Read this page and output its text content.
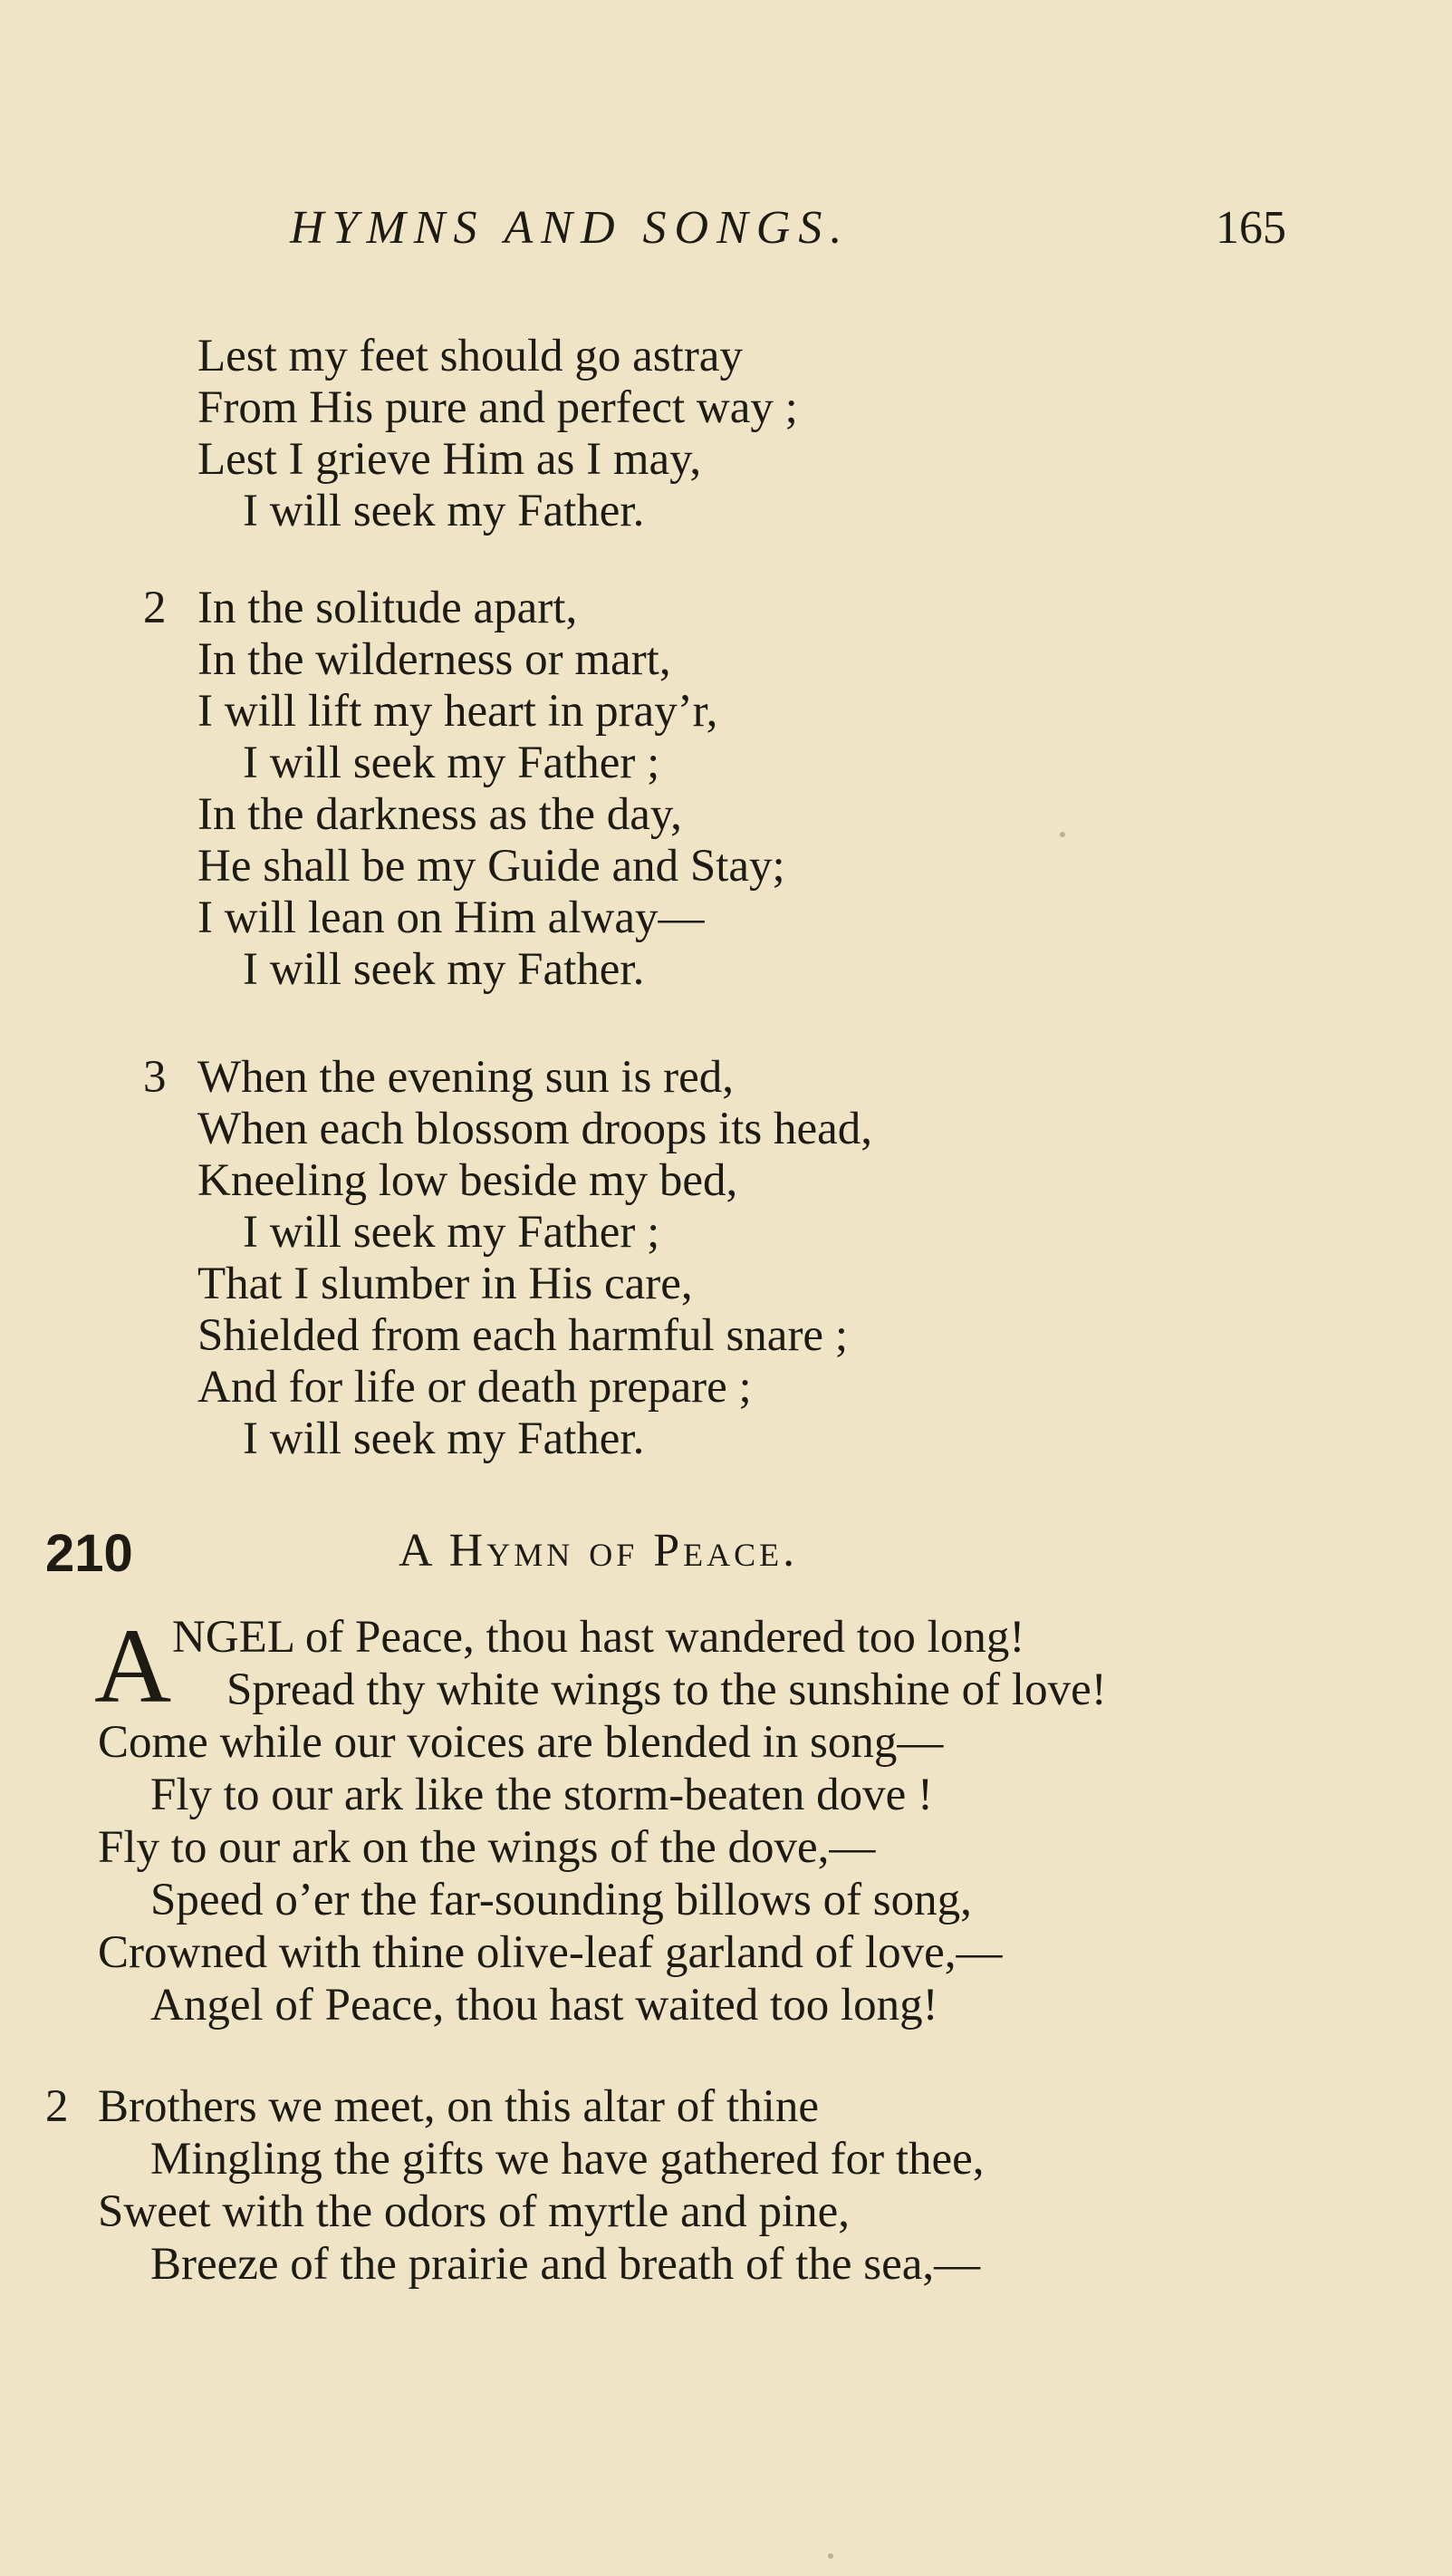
HYMNS AND SONGS.	165
Lest my feet should go astray
From His pure and perfect way ;
Lest I grieve Him as I may,
I will seek my Father.
2 In the solitude apart,
In the wilderness or mart,
I will lift my heart in pray’r,
I will seek my Father ;
In the darkness as the day,
He shall be my Guide and Stay;
I will lean on Him alway—
I will seek my Father.
3 When the evening sun is red,
When each blossom droops its head,
Kneeling low beside my bed,
I will seek my Father ;
That I slumber in His care,
Shielded from each harmful snare ;
And for life or death prepare ;
I will seek my Father.
210	A Hymn of Peace.
A NGEL of Peace, thou hast wandered too long!
Spread thy white wings to the sunshine of love!
Come while our voices are blended in song—
Fly to our ark like the storm-beaten dove !
Fly to our ark on the wings of the dove,—
Speed o’er the far-sounding billows of song,
Crowned with thine olive-leaf garland of love,—
Angel of Peace, thou hast waited too long!
2 Brothers we meet, on this altar of thine
Mingling the gifts we have gathered for thee,
Sweet with the odors of myrtle and pine,
Breeze of the prairie and breath of the sea,—
